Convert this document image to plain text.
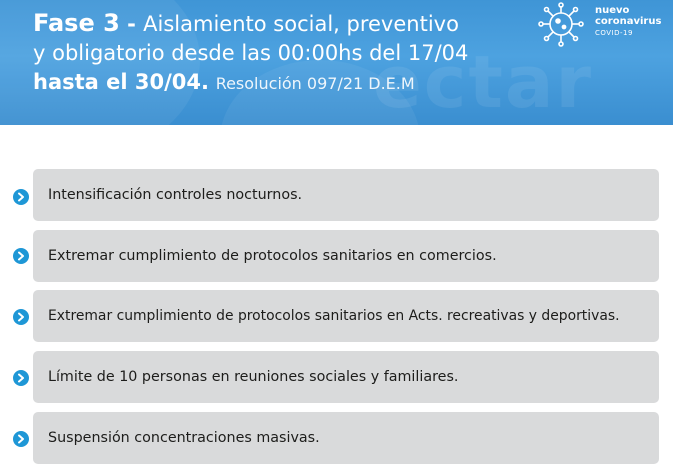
ectar
Fase 3 - Aislamiento social, preventivo
y obligatorio desde las 00:00hs del 17/04
hasta el 30/04. Resolución 097/21 D.E.M
nuevo
coronavirus
COVID-19
Intensificación controles nocturnos.
Extremar cumplimiento de protocolos sanitarios en comercios.
Extremar cumplimiento de protocolos sanitarios en Acts. recreativas y deportivas.
Límite de 10 personas en reuniones sociales y familiares.
Suspensión concentraciones masivas.
